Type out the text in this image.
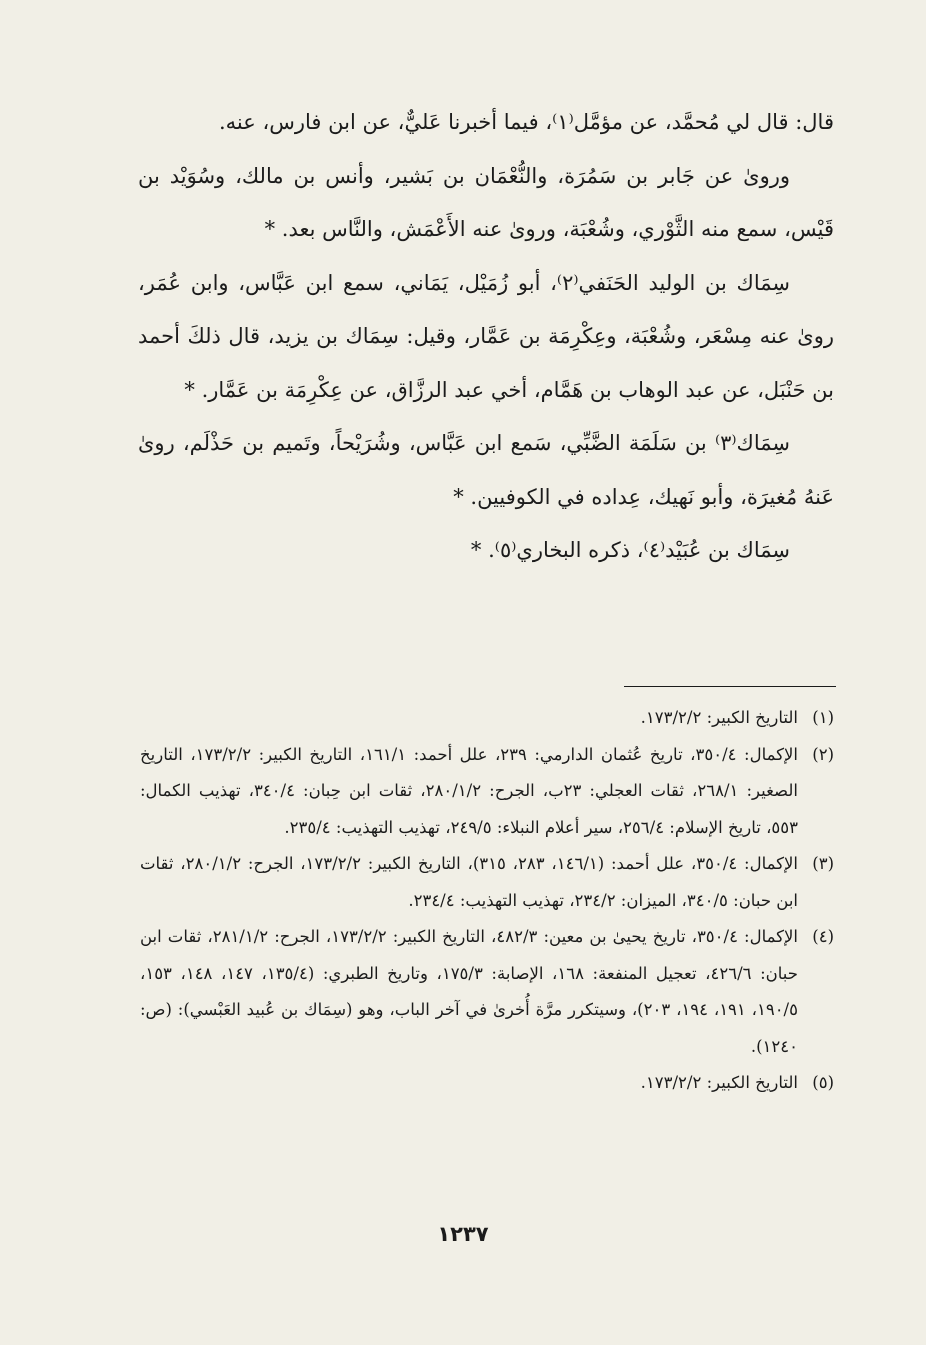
قال: قال لي مُحمَّد، عن مؤمَّل⁽١⁾، فيما أخبرنا عَليٌّ، عن ابن فارس، عنه.

وروىٰ عن جَابر بن سَمُرَة، والنُّعْمَان بن بَشير، وأنس بن مالك، وسُوَيْد بن قَيْس، سمع منه الثَّوْري، وشُعْبَة، وروىٰ عنه الأَعْمَش، والنَّاس بعد. *

سِمَاك بن الوليد الحَنَفي⁽٢⁾، أبو زُمَيْل، يَمَاني، سمع ابن عَبَّاس، وابن عُمَر، روىٰ عنه مِسْعَر، وشُعْبَة، وعِكْرِمَة بن عَمَّار، وقيل: سِمَاك بن يزيد، قال ذلكَ أحمد بن حَنْبَل، عن عبد الوهاب بن هَمَّام، أخي عبد الرزَّاق، عن عِكْرِمَة بن عَمَّار. *

سِمَاك⁽٣⁾ بن سَلَمَة الضَّبِّي، سَمع ابن عَبَّاس، وشُرَيْحاً، وتَميم بن حَذْلَم، روىٰ عَنهُ مُغيرَة، وأبو نَهيك، عِداده في الكوفيين. *

سِمَاك بن عُبَيْد⁽٤⁾، ذكره البخاري⁽٥⁾. *

(١)
التاريخ الكبير: ١٧٣/٢/٢.
(٢)
الإكمال: ٣٥٠/٤، تاريخ عُثمان الدارمي: ٢٣٩، علل أحمد: ١٦١/١، التاريخ الكبير: ١٧٣/٢/٢، التاريخ الصغير: ٢٦٨/١، ثقات العجلي: ٢٣ب، الجرح: ٢٨٠/١/٢، ثقات ابن حِبان: ٣٤٠/٤، تهذيب الكمال: ٥٥٣، تاريخ الإسلام: ٢٥٦/٤، سير أعلام النبلاء: ٢٤٩/٥، تهذيب التهذيب: ٢٣٥/٤.
(٣)
الإكمال: ٣٥٠/٤، علل أحمد: (١٤٦/١، ٢٨٣، ٣١٥)، التاريخ الكبير: ١٧٣/٢/٢، الجرح: ٢٨٠/١/٢، ثقات ابن حبان: ٣٤٠/٥، الميزان: ٢٣٤/٢، تهذيب التهذيب: ٢٣٤/٤.
(٤)
الإكمال: ٣٥٠/٤، تاريخ يحيىٰ بن معين: ٤٨٢/٣، التاريخ الكبير: ١٧٣/٢/٢، الجرح: ٢٨١/١/٢، ثقات ابن حبان: ٤٢٦/٦، تعجيل المنفعة: ١٦٨، الإصابة: ١٧٥/٣، وتاريخ الطبري: (١٣٥/٤، ١٤٧، ١٤٨، ١٥٣، ١٩٠/٥، ١٩١، ١٩٤، ٢٠٣)، وسيتكرر مرَّة أُخرىٰ في آخر الباب، وهو (سِمَاك بن عُبيد العَبْسي): (ص: ١٢٤٠).
(٥)
التاريخ الكبير: ١٧٣/٢/٢.
١٢٣٧
